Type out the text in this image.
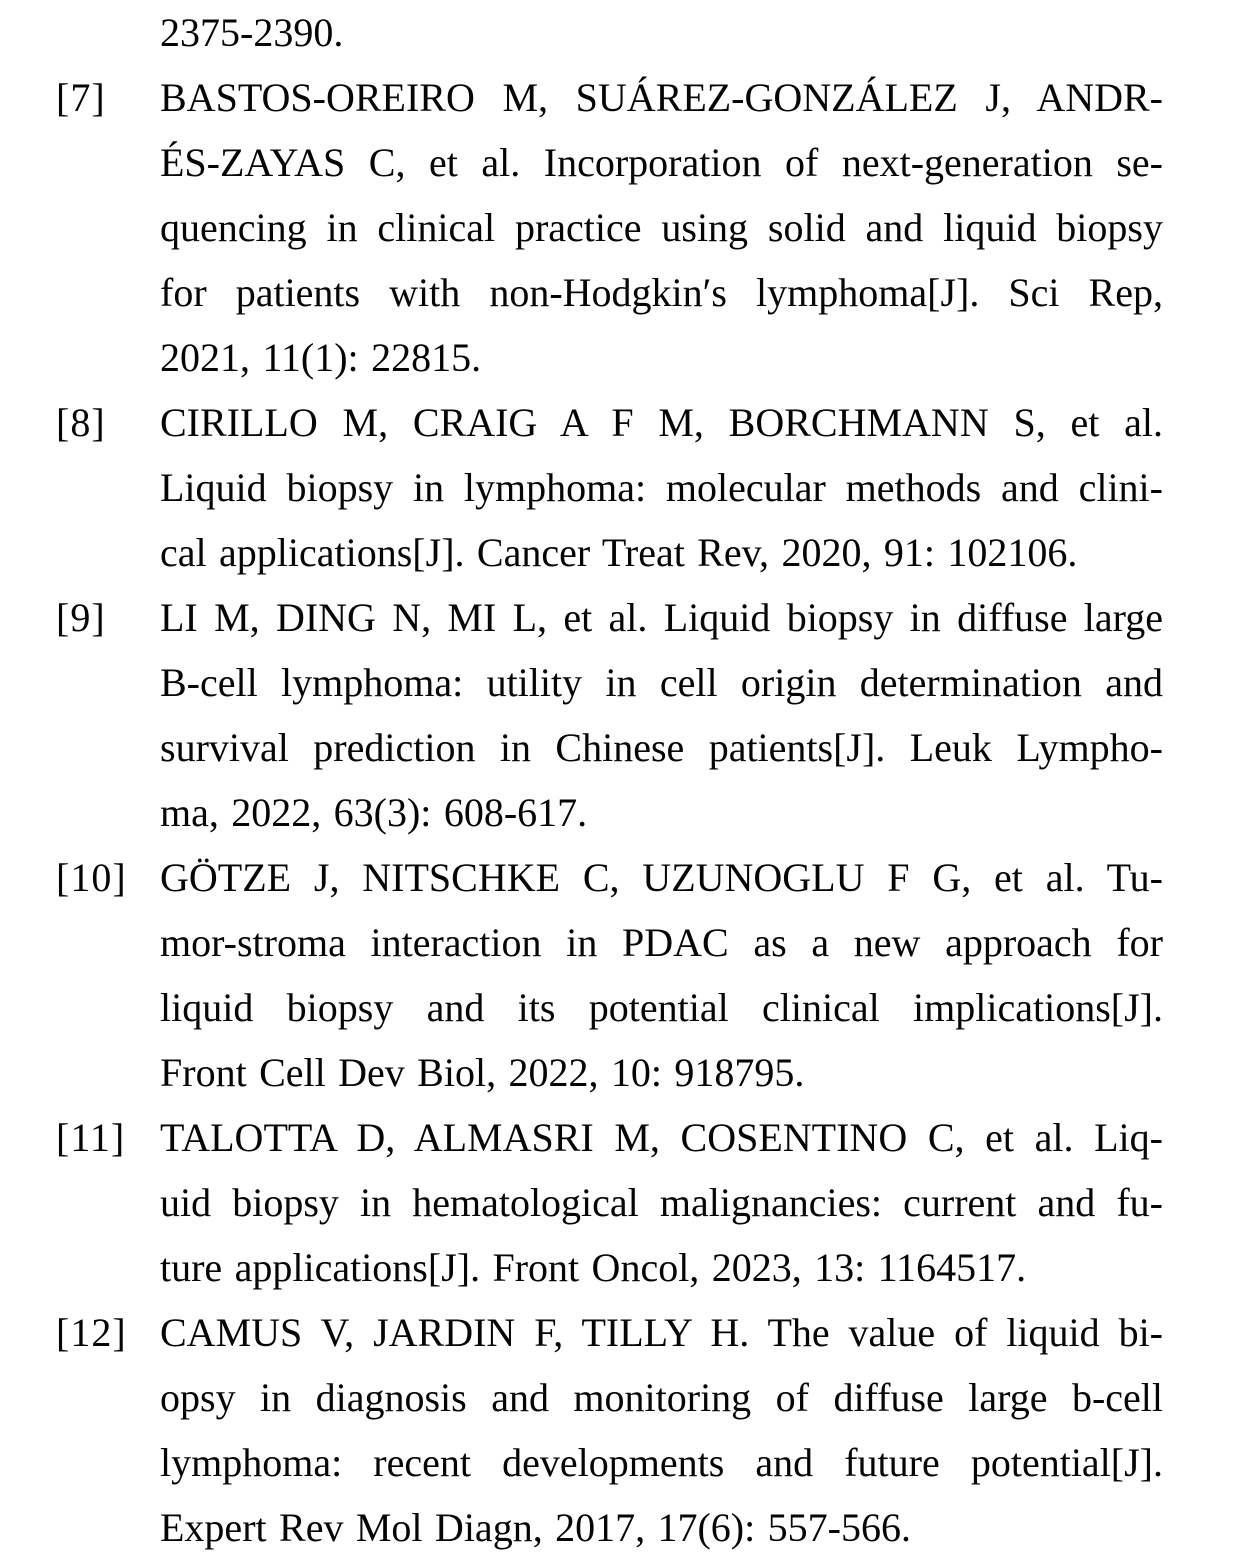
2375-2390.
[7] BASTOS-OREIRO M, SUÁREZ-GONZÁLEZ J, ANDR-
ÉS-ZAYAS C, et al. Incorporation of next-generation se-
quencing in clinical practice using solid and liquid biopsy
for patients with non-Hodgkin′s lymphoma[J]. Sci Rep,
2021, 11(1): 22815.
[8] CIRILLO M, CRAIG A F M, BORCHMANN S, et al.
Liquid biopsy in lymphoma: molecular methods and clini-
cal applications[J]. Cancer Treat Rev, 2020, 91: 102106.
[9] LI M, DING N, MI L, et al. Liquid biopsy in diffuse large
B-cell lymphoma: utility in cell origin determination and
survival prediction in Chinese patients[J]. Leuk Lympho-
ma, 2022, 63(3): 608-617.
[10] GÖTZE J, NITSCHKE C, UZUNOGLU F G, et al. Tu-
mor-stroma interaction in PDAC as a new approach for
liquid biopsy and its potential clinical implications[J].
Front Cell Dev Biol, 2022, 10: 918795.
[11] TALOTTA D, ALMASRI M, COSENTINO C, et al. Liq-
uid biopsy in hematological malignancies: current and fu-
ture applications[J]. Front Oncol, 2023, 13: 1164517.
[12] CAMUS V, JARDIN F, TILLY H. The value of liquid bi-
opsy in diagnosis and monitoring of diffuse large b-cell
lymphoma: recent developments and future potential[J].
Expert Rev Mol Diagn, 2017, 17(6): 557-566.
